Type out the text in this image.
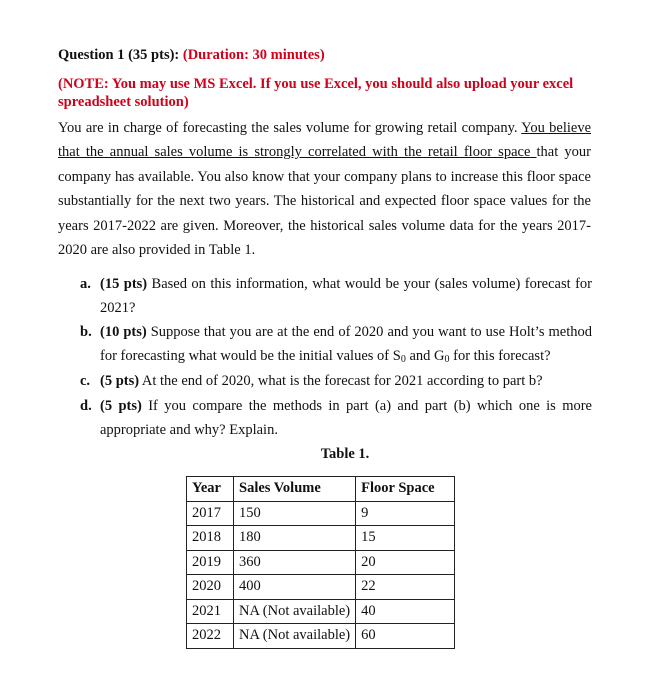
Question 1 (35 pts): (Duration: 30 minutes)
(NOTE: You may use MS Excel. If you use Excel, you should also upload your excel spreadsheet solution)
You are in charge of forecasting the sales volume for growing retail company. You believe that the annual sales volume is strongly correlated with the retail floor space that your company has available. You also know that your company plans to increase this floor space substantially for the next two years. The historical and expected floor space values for the years 2017-2022 are given. Moreover, the historical sales volume data for the years 2017-2020 are also provided in Table 1.
a. (15 pts) Based on this information, what would be your (sales volume) forecast for 2021?
b. (10 pts) Suppose that you are at the end of 2020 and you want to use Holt’s method for forecasting what would be the initial values of $S_0$ and $G_0$ for this forecast?
c. (5 pts) At the end of 2020, what is the forecast for 2021 according to part b?
d. (5 pts) If you compare the methods in part (a) and part (b) which one is more appropriate and why? Explain.
Table 1.
Year	Sales Volume	Floor Space
2017	150	9
2018	180	15
2019	360	20
2020	400	22
2021	NA (Not available)	40
2022	NA (Not available)	60
